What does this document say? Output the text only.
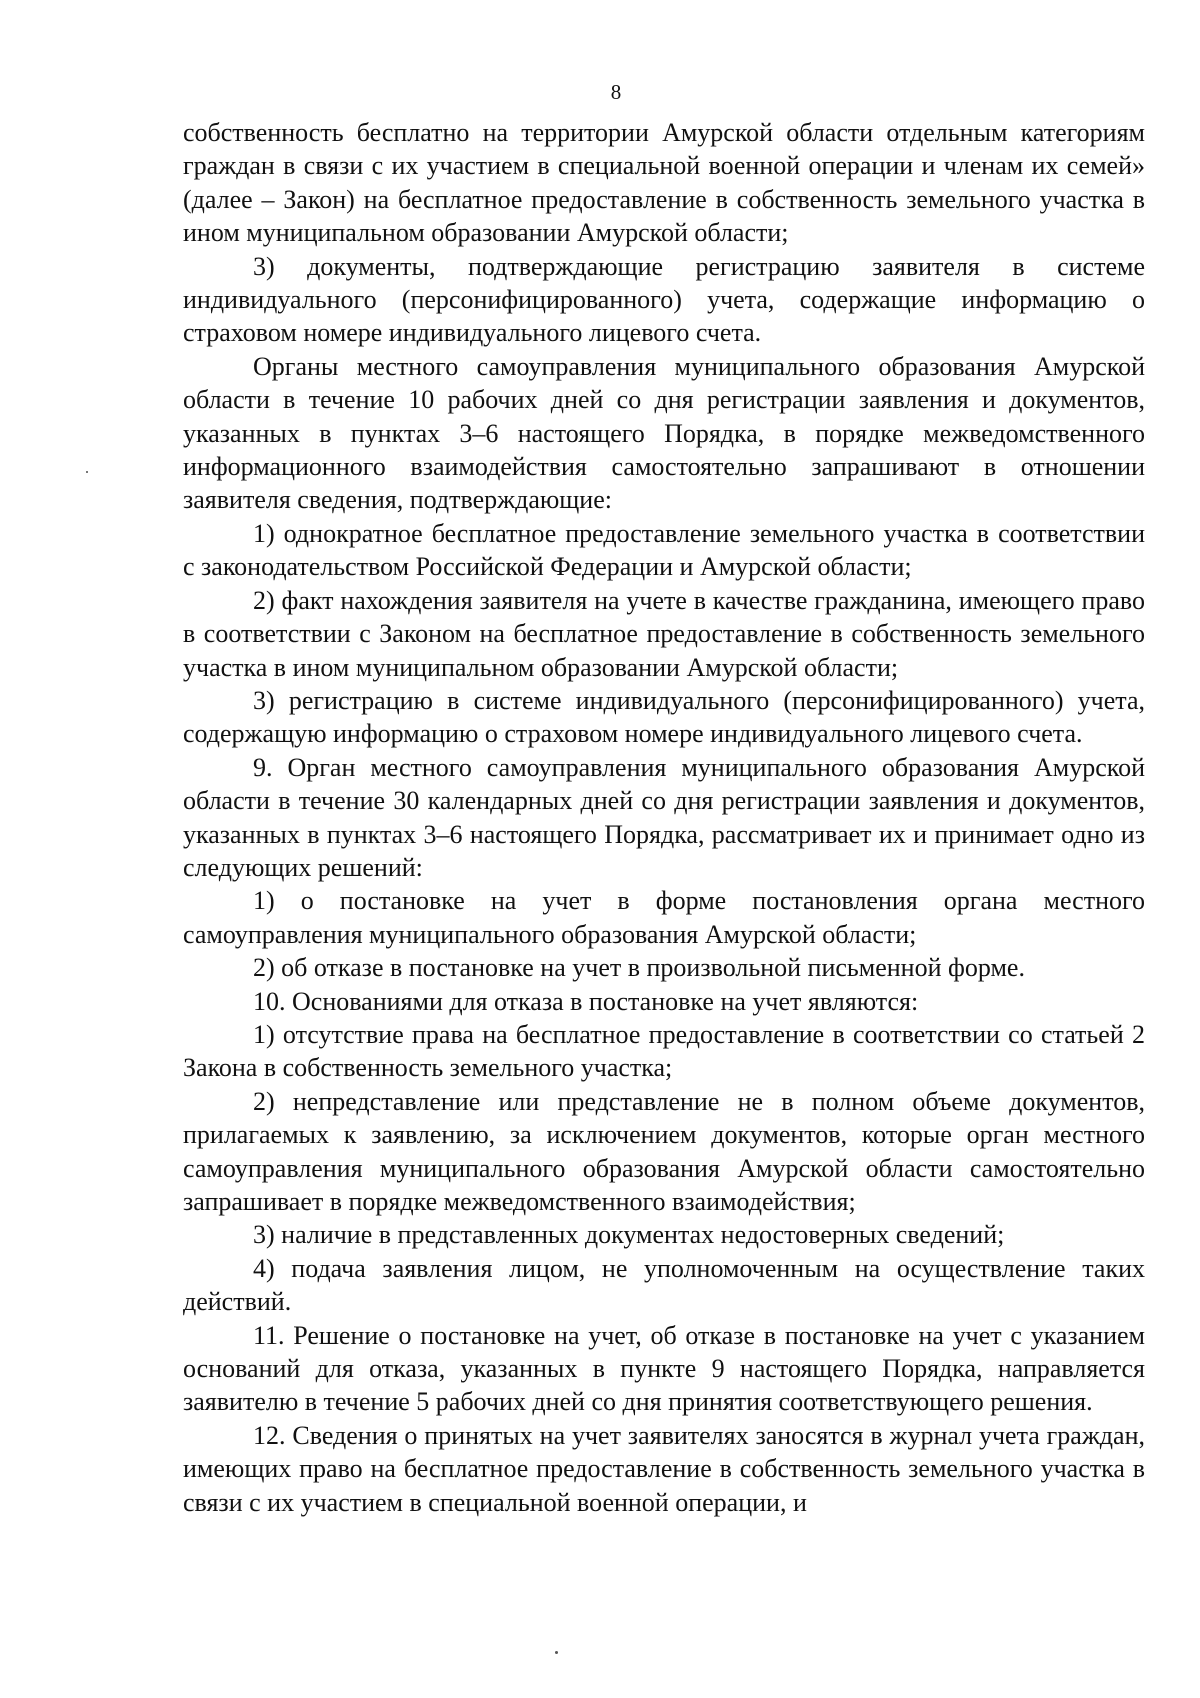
8

собственность бесплатно на территории Амурской области отдельным категориям граждан в связи с их участием в специальной военной операции и членам их семей» (далее – Закон) на бесплатное предоставление в собственность земельного участка в ином муниципальном образовании Амурской области;

3) документы, подтверждающие регистрацию заявителя в системе индивидуального (персонифицированного) учета, содержащие информацию о страховом номере индивидуального лицевого счета.

Органы местного самоуправления муниципального образования Амурской области в течение 10 рабочих дней со дня регистрации заявления и документов, указанных в пунктах 3–6 настоящего Порядка, в порядке межведомственного информационного взаимодействия самостоятельно запрашивают в отношении заявителя сведения, подтверждающие:

1) однократное бесплатное предоставление земельного участка в соответствии с законодательством Российской Федерации и Амурской области;

2) факт нахождения заявителя на учете в качестве гражданина, имеющего право в соответствии с Законом на бесплатное предоставление в собственность земельного участка в ином муниципальном образовании Амурской области;

3) регистрацию в системе индивидуального (персонифицированного) учета, содержащую информацию о страховом номере индивидуального лицевого счета.

9. Орган местного самоуправления муниципального образования Амурской области в течение 30 календарных дней со дня регистрации заявления и документов, указанных в пунктах 3–6 настоящего Порядка, рассматривает их и принимает одно из следующих решений:

1) о постановке на учет в форме постановления органа местного самоуправления муниципального образования Амурской области;

2) об отказе в постановке на учет в произвольной письменной форме.

10. Основаниями для отказа в постановке на учет являются:

1) отсутствие права на бесплатное предоставление в соответствии со статьей 2 Закона в собственность земельного участка;

2) непредставление или представление не в полном объеме документов, прилагаемых к заявлению, за исключением документов, которые орган местного самоуправления муниципального образования Амурской области самостоятельно запрашивает в порядке межведомственного взаимодействия;

3) наличие в представленных документах недостоверных сведений;

4) подача заявления лицом, не уполномоченным на осуществление таких действий.

11. Решение о постановке на учет, об отказе в постановке на учет с указанием оснований для отказа, указанных в пункте 9 настоящего Порядка, направляется заявителю в течение 5 рабочих дней со дня принятия соответствующего решения.

12. Сведения о принятых на учет заявителях заносятся в журнал учета граждан, имеющих право на бесплатное предоставление в собственность земельного участка в связи с их участием в специальной военной операции, и
